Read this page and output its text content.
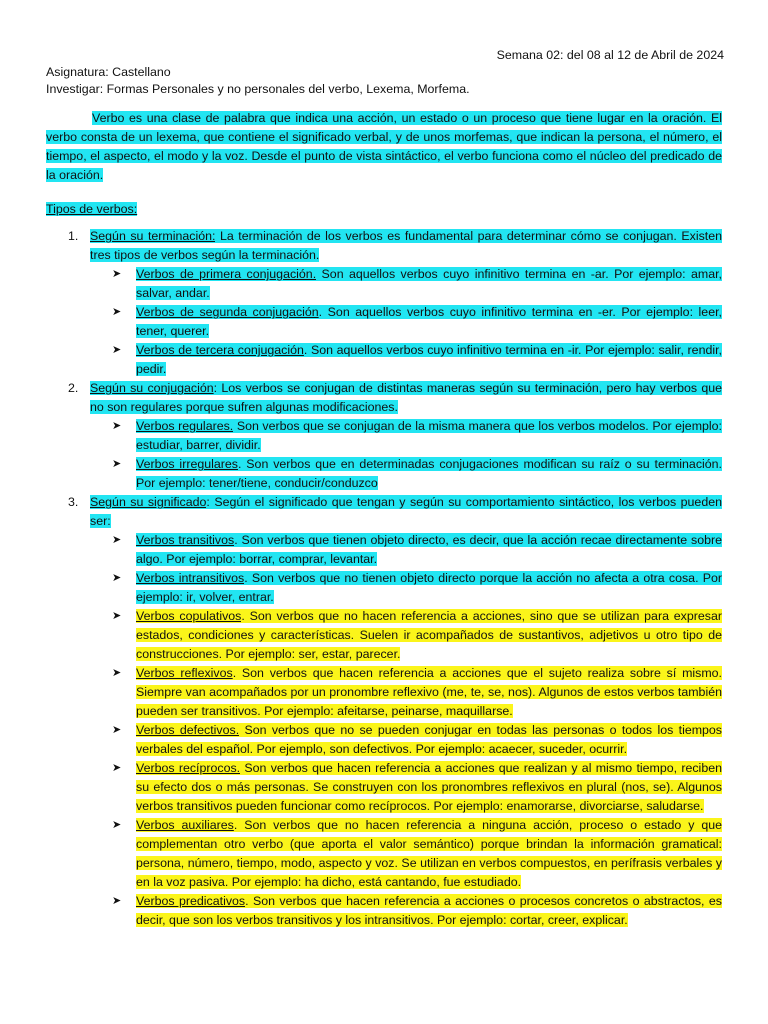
Semana 02: del 08 al 12 de Abril de 2024
Asignatura: Castellano
Investigar: Formas Personales y no personales del verbo, Lexema, Morfema.

Verbo es una clase de palabra que indica una acción, un estado o un proceso que tiene lugar en la oración. El verbo consta de un lexema, que contiene el significado verbal, y de unos morfemas, que indican la persona, el número, el tiempo, el aspecto, el modo y la voz. Desde el punto de vista sintáctico, el verbo funciona como el núcleo del predicado de la oración.

Tipos de verbos:
1. Según su terminación: La terminación de los verbos es fundamental para determinar cómo se conjugan. Existen tres tipos de verbos según la terminación.
➤ Verbos de primera conjugación. Son aquellos verbos cuyo infinitivo termina en -ar. Por ejemplo: amar, salvar, andar.
➤ Verbos de segunda conjugación. Son aquellos verbos cuyo infinitivo termina en -er. Por ejemplo: leer, tener, querer.
➤ Verbos de tercera conjugación. Son aquellos verbos cuyo infinitivo termina en -ir. Por ejemplo: salir, rendir, pedir.
2. Según su conjugación: Los verbos se conjugan de distintas maneras según su terminación, pero hay verbos que no son regulares porque sufren algunas modificaciones.
➤ Verbos regulares. Son verbos que se conjugan de la misma manera que los verbos modelos. Por ejemplo: estudiar, barrer, dividir.
➤ Verbos irregulares. Son verbos que en determinadas conjugaciones modifican su raíz o su terminación. Por ejemplo: tener/tiene, conducir/conduzco
3. Según su significado: Según el significado que tengan y según su comportamiento sintáctico, los verbos pueden ser:
➤ Verbos transitivos. Son verbos que tienen objeto directo, es decir, que la acción recae directamente sobre algo. Por ejemplo: borrar, comprar, levantar.
➤ Verbos intransitivos. Son verbos que no tienen objeto directo porque la acción no afecta a otra cosa. Por ejemplo: ir, volver, entrar.
➤ Verbos copulativos. Son verbos que no hacen referencia a acciones, sino que se utilizan para expresar estados, condiciones y características. Suelen ir acompañados de sustantivos, adjetivos u otro tipo de construcciones. Por ejemplo: ser, estar, parecer.
➤ Verbos reflexivos. Son verbos que hacen referencia a acciones que el sujeto realiza sobre sí mismo. Siempre van acompañados por un pronombre reflexivo (me, te, se, nos). Algunos de estos verbos también pueden ser transitivos. Por ejemplo: afeitarse, peinarse, maquillarse.
➤ Verbos defectivos. Son verbos que no se pueden conjugar en todas las personas o todos los tiempos verbales del español. Por ejemplo, son defectivos. Por ejemplo: acaecer, suceder, ocurrir.
➤ Verbos recíprocos. Son verbos que hacen referencia a acciones que realizan y al mismo tiempo, reciben su efecto dos o más personas. Se construyen con los pronombres reflexivos en plural (nos, se). Algunos verbos transitivos pueden funcionar como recíprocos. Por ejemplo: enamorarse, divorciarse, saludarse.
➤ Verbos auxiliares. Son verbos que no hacen referencia a ninguna acción, proceso o estado y que complementan otro verbo (que aporta el valor semántico) porque brindan la información gramatical: persona, número, tiempo, modo, aspecto y voz. Se utilizan en verbos compuestos, en perífrasis verbales y en la voz pasiva. Por ejemplo: ha dicho, está cantando, fue estudiado.
➤ Verbos predicativos. Son verbos que hacen referencia a acciones o procesos concretos o abstractos, es decir, que son los verbos transitivos y los intransitivos. Por ejemplo: cortar, creer, explicar.
